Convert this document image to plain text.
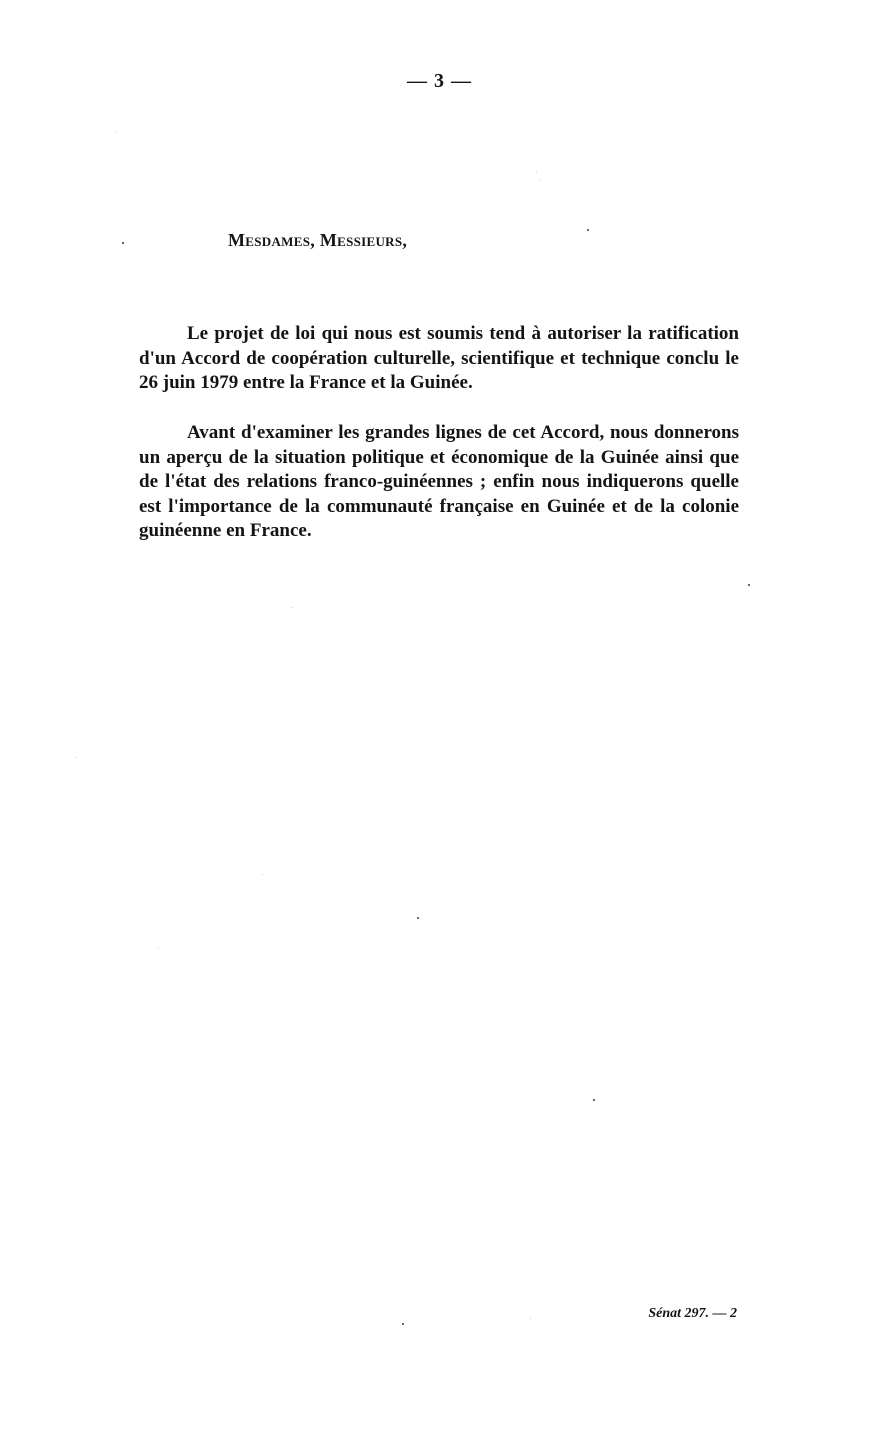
— 3 —
Mesdames, Messieurs,

Le projet de loi qui nous est soumis tend à autoriser la ratification d'un Accord de coopération culturelle, scientifique et technique conclu le 26 juin 1979 entre la France et la Guinée.

Avant d'examiner les grandes lignes de cet Accord, nous donnerons un aperçu de la situation politique et économique de la Guinée ainsi que de l'état des relations franco-guinéennes ; enfin nous indiquerons quelle est l'importance de la communauté française en Guinée et de la colonie guinéenne en France.

Sénat 297. — 2
